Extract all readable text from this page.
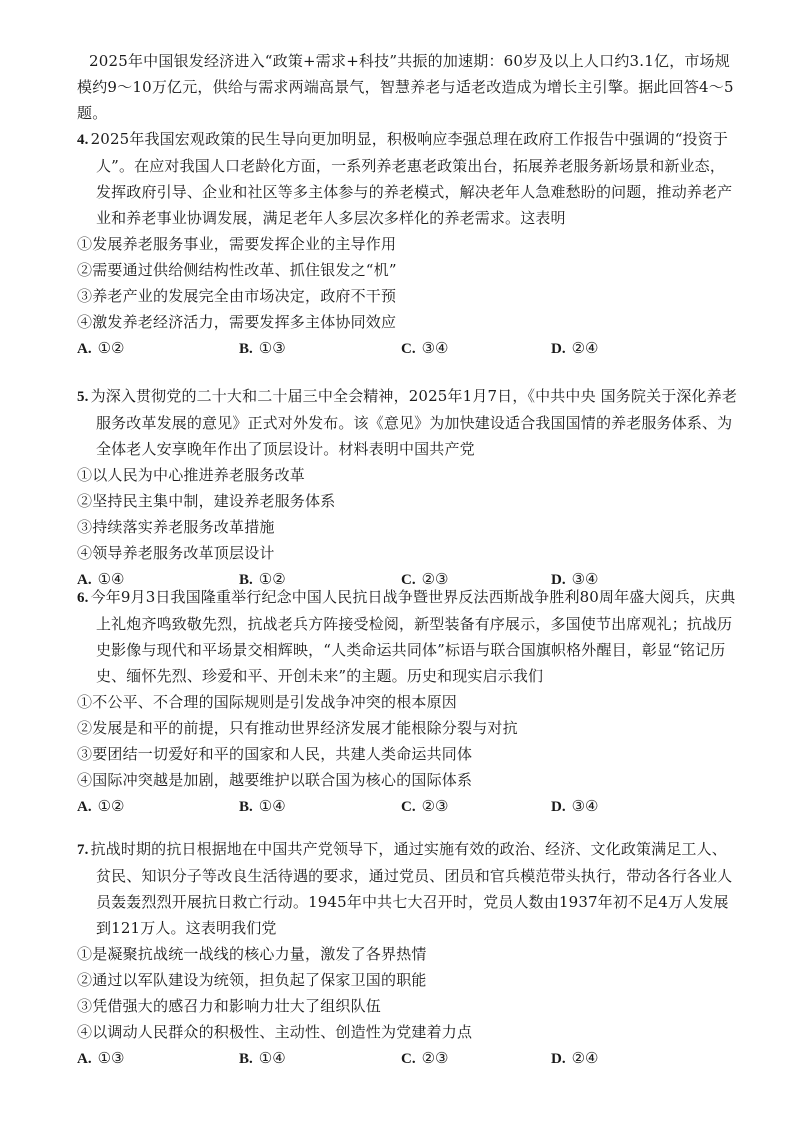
2025年中国银发经济进入“政策+需求+科技”共振的加速期：60岁及以上人口约3.1亿，市场规模约9～10万亿元，供给与需求两端高景气，智慧养老与适老改造成为增长主引擎。据此回答4～5题。
4. 2025年我国宏观政策的民生导向更加明显，积极响应李强总理在政府工作报告中强调的“投资于人”。在应对我国人口老龄化方面，一系列养老惠老政策出台，拓展养老服务新场景和新业态，发挥政府引导、企业和社区等多主体参与的养老模式，解决老年人急难愁盼的问题，推动养老产业和养老事业协调发展，满足老年人多层次多样化的养老需求。这表明
①发展养老服务事业，需要发挥企业的主导作用
②需要通过供给侧结构性改革、抓住银发之“机”
③养老产业的发展完全由市场决定，政府不干预
④激发养老经济活力，需要发挥多主体协同效应
A. ①②	B. ①③	C. ③④	D. ②④
5. 为深入贯彻党的二十大和二十届三中全会精神，2025年1月7日，《中共中央 国务院关于深化养老服务改革发展的意见》正式对外发布。该《意见》为加快建设适合我国国情的养老服务体系、为全体老人安享晚年作出了顶层设计。材料表明中国共产党
①以人民为中心推进养老服务改革
②坚持民主集中制，建设养老服务体系
③持续落实养老服务改革措施
④领导养老服务改革顶层设计
A. ①④	B. ①②	C. ②③	D. ③④
6. 今年9月3日我国隆重举行纪念中国人民抗日战争暨世界反法西斯战争胜利80周年盛大阅兵，庆典上礼炮齐鸣致敬先烈，抗战老兵方阵接受检阅，新型装备有序展示，多国使节出席观礼；抗战历史影像与现代和平场景交相辉映，“人类命运共同体”标语与联合国旗帜格外醒目，彰显“铭记历史、缅怀先烈、珍爱和平、开创未来”的主题。历史和现实启示我们
①不公平、不合理的国际规则是引发战争冲突的根本原因
②发展是和平的前提，只有推动世界经济发展才能根除分裂与对抗
③要团结一切爱好和平的国家和人民，共建人类命运共同体
④国际冲突越是加剧，越要维护以联合国为核心的国际体系
A. ①②	B. ①④	C. ②③	D. ③④
7. 抗战时期的抗日根据地在中国共产党领导下，通过实施有效的政治、经济、文化政策满足工人、贫民、知识分子等改良生活待遇的要求，通过党员、团员和官兵模范带头执行，带动各行各业人员轰轰烈烈开展抗日救亡行动。1945年中共七大召开时，党员人数由1937年初不足4万人发展到121万人。这表明我们党
①是凝聚抗战统一战线的核心力量，激发了各界热情
②通过以军队建设为统领，担负起了保家卫国的职能
③凭借强大的感召力和影响力壮大了组织队伍
④以调动人民群众的积极性、主动性、创造性为党建着力点
A. ①③	B. ①④	C. ②③	D. ②④
